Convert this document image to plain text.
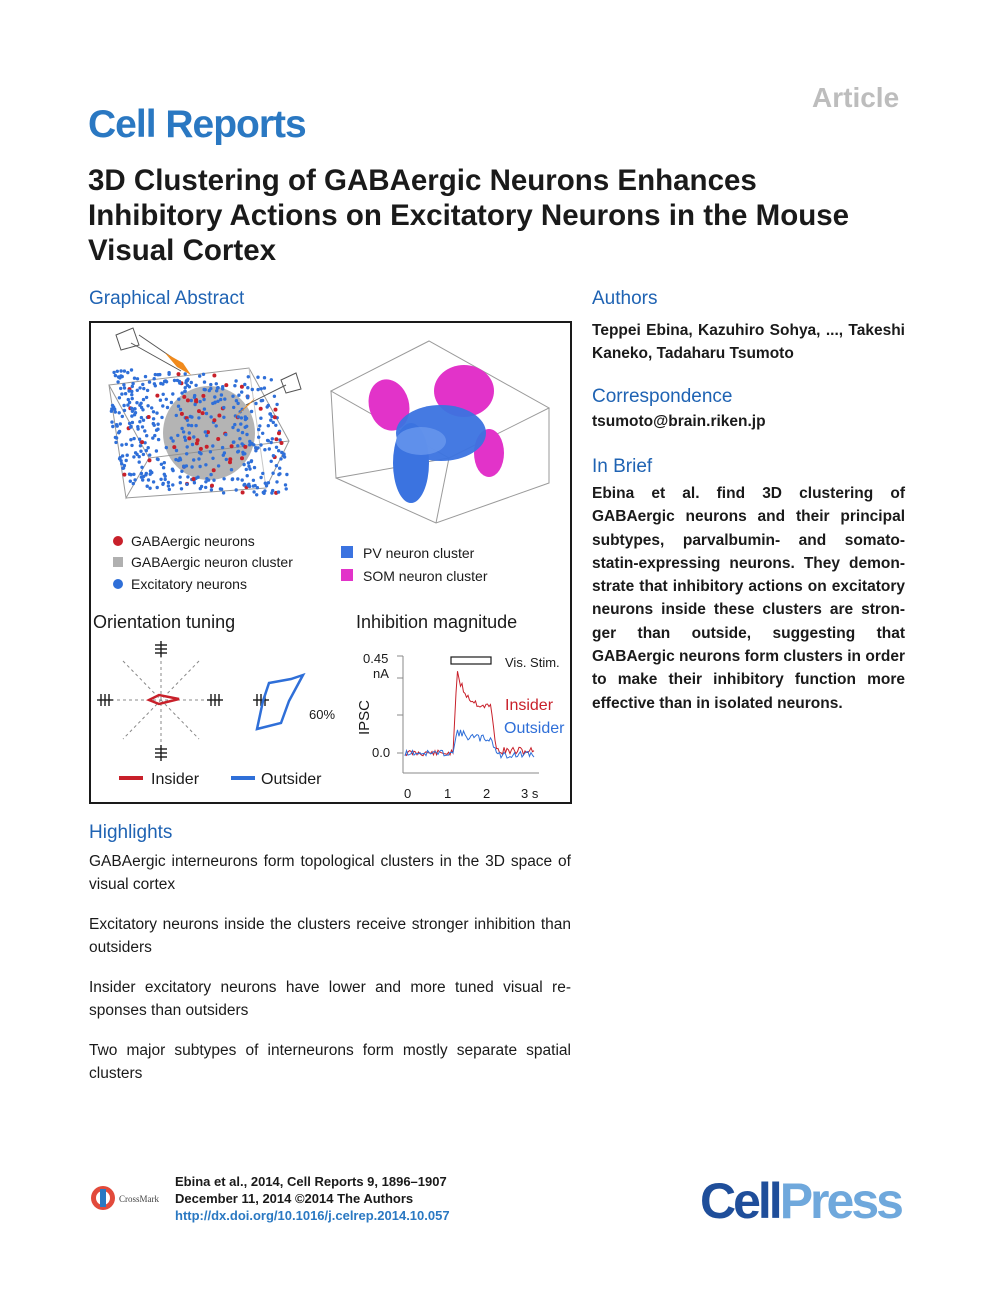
Article
Cell Reports
3D Clustering of GABAergic Neurons Enhances Inhibitory Actions on Excitatory Neurons in the Mouse Visual Cortex
Graphical Abstract
GABAergic neurons
GABAergic neuron cluster
Excitatory neurons
PV neuron cluster
SOM neuron cluster
Orientation tuning
60%
Insider	Outsider
Inhibition magnitude
0.45
nA
0.0
IPSC
Vis. Stim.
Insider
Outsider
0	1 2 3 s
Authors
Teppei Ebina, Kazuhiro Sohya, ..., Takeshi Kaneko, Tadaharu Tsumoto
Correspondence
tsumoto@brain.riken.jp
In Brief
Ebina et al. find 3D clustering of GABAergic neurons and their principal subtypes, parvalbumin- and somato-statin-expressing neurons. They demon-strate that inhibitory actions on excitatory neurons inside these clusters are stron-ger than outside, suggesting that GABAergic neurons form clusters in order to make their inhibitory function more effective than in isolated neurons.
Highlights
GABAergic interneurons form topological clusters in the 3D space of visual cortex
Excitatory neurons inside the clusters receive stronger inhibition than outsiders
Insider excitatory neurons have lower and more tuned visual re-sponses than outsiders
Two major subtypes of interneurons form mostly separate spatial clusters
CrossMark
Ebina et al., 2014, Cell Reports 9, 1896–1907
December 11, 2014 ©2014 The Authors
http://dx.doi.org/10.1016/j.celrep.2014.10.057	CellPress
